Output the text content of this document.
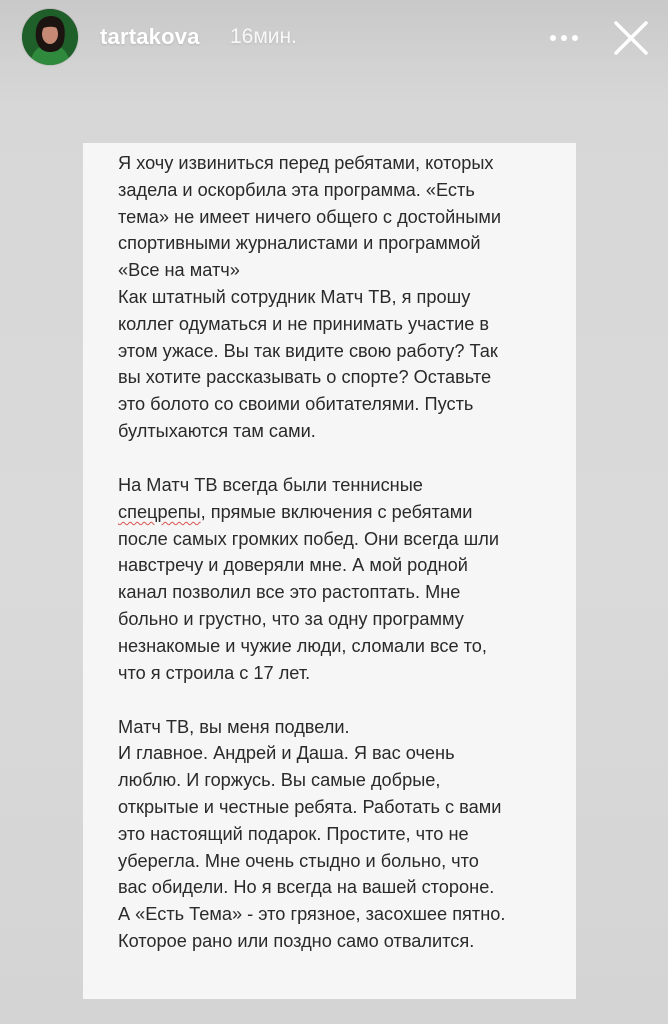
tartakova 16мин.
Я хочу извиниться перед ребятами, которых
задела и оскорбила эта программа. «Есть
тема» не имеет ничего общего с достойными
спортивными журналистами и программой
«Все на матч»
Как штатный сотрудник Матч ТВ, я прошу
коллег одуматься и не принимать участие в
этом ужасе. Вы так видите свою работу? Так
вы хотите рассказывать о спорте? Оставьте
это болото со своими обитателями. Пусть
бултыхаются там сами.
На Матч ТВ всегда были теннисные
спецрепы, прямые включения с ребятами
после самых громких побед. Они всегда шли
навстречу и доверяли мне. А мой родной
канал позволил все это растоптать. Мне
больно и грустно, что за одну программу
незнакомые и чужие люди, сломали все то,
что я строила с 17 лет.
Матч ТВ, вы меня подвели.
И главное. Андрей и Даша. Я вас очень
люблю. И горжусь. Вы самые добрые,
открытые и честные ребята. Работать с вами
это настоящий подарок. Простите, что не
уберегла. Мне очень стыдно и больно, что
вас обидели. Но я всегда на вашей стороне.
А «Есть Тема» - это грязное, засохшее пятно.
Которое рано или поздно само отвалится.
